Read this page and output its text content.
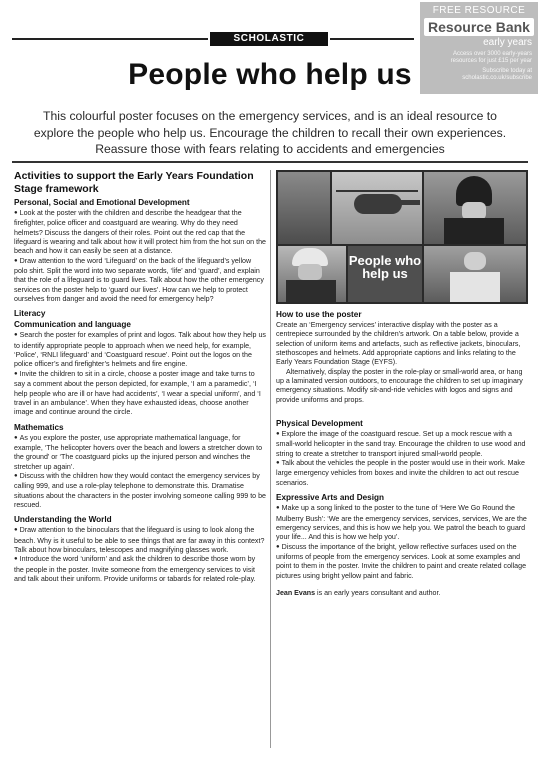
SCHOLASTIC
FREE RESOURCE
Resource Bank
early years
Access over 3000 early-years
resources for just £15 per year
Subscribe today at
scholastic.co.uk/subscribe
People who help us
This colourful poster focuses on the emergency services, and is an ideal resource to explore the people who help us. Encourage the children to recall their own experiences. Reassure those with fears relating to accidents and emergencies
Activities to support the Early Years Foundation Stage framework
Personal, Social and Emotional Development

● Look at the poster with the children and describe the headgear that the firefighter, police officer and coastguard are wearing. Why do they need helmets? Discuss the dangers of their roles. Point out the red cap that the lifeguard is wearing and talk about how it will protect him from the hot sun on the beach and how it can easily be seen at a distance.

● Draw attention to the word ‘Lifeguard’ on the back of the lifeguard’s yellow polo shirt. Split the word into two separate words, ‘life’ and ‘guard’, and explain that the role of a lifeguard is to guard lives. Talk about how the other emergency services on the poster help to ‘guard our lives’. How can we help to protect ourselves from danger and avoid the need for emergency help?

Literacy
Communication and language

● Search the poster for examples of print and logos. Talk about how they help us to identify appropriate people to approach when we need help, for example, ‘Police’, ‘RNLI lifeguard’ and ‘Coastguard rescue’. Point out the logos on the police officer’s and firefighter’s helmets and fire engine.

● Invite the children to sit in a circle, choose a poster image and take turns to say a comment about the person depicted, for example, ‘I am a paramedic’, ‘I help people who are ill or have had accidents’, ‘I wear a special uniform’, and ‘I travel in an ambulance’. When they have exhausted ideas, choose another image and continue around the circle.

Mathematics

● As you explore the poster, use appropriate mathematical language, for example, ‘The helicopter hovers over the beach and lowers a stretcher down to the ground’ or ‘The coastguard picks up the injured person and winches the stretcher up again’.

● Discuss with the children how they would contact the emergency services by calling 999, and use a role-play telephone to demonstrate this. Dramatise situations about the characters in the poster involving someone calling 999 to be rescued.

Understanding the World

● Draw attention to the binoculars that the lifeguard is using to look along the beach. Why is it useful to be able to see things that are far away in this context? Talk about how binoculars, telescopes and magnifying glasses work.

● Introduce the word ‘uniform’ and ask the children to describe those worn by the people in the poster. Invite someone from the emergency services to visit and talk about their uniform. Provide uniforms or tabards for related role-play.

People who help us
How to use the poster

Create an ‘Emergency services’ interactive display with the poster as a centrepiece surrounded by the children’s artwork. On a table below, provide a selection of uniform items and artefacts, such as reflective jackets, binoculars, stethoscopes and helmets. Add appropriate captions and links relating to the Early Years Foundation Stage (EYFS).

Alternatively, display the poster in the role-play or small-world area, or hang up a laminated version outdoors, to encourage the children to set up imaginary emergency situations. Modify sit-and-ride vehicles with logos and signs and provide uniforms and props.

Physical Development

● Explore the image of the coastguard rescue. Set up a mock rescue with a small-world helicopter in the sand tray. Encourage the children to use wood and string to create a stretcher to transport injured small-world people.

● Talk about the vehicles the people in the poster would use in their work. Make large emergency vehicles from boxes and invite the children to act out rescue scenarios.

Expressive Arts and Design

● Make up a song linked to the poster to the tune of ‘Here We Go Round the Mulberry Bush’: ‘We are the emergency services, services, services, We are the emergency services, and this is how we help you. We patrol the beach to guard your life... And this is how we help you’.

● Discuss the importance of the bright, yellow reflective surfaces used on the uniforms of people from the emergency services. Look at some examples and point to them in the poster. Invite the children to paint and create related collage pictures using bright yellow paint and fabric.

Jean Evans is an early years consultant and author.
